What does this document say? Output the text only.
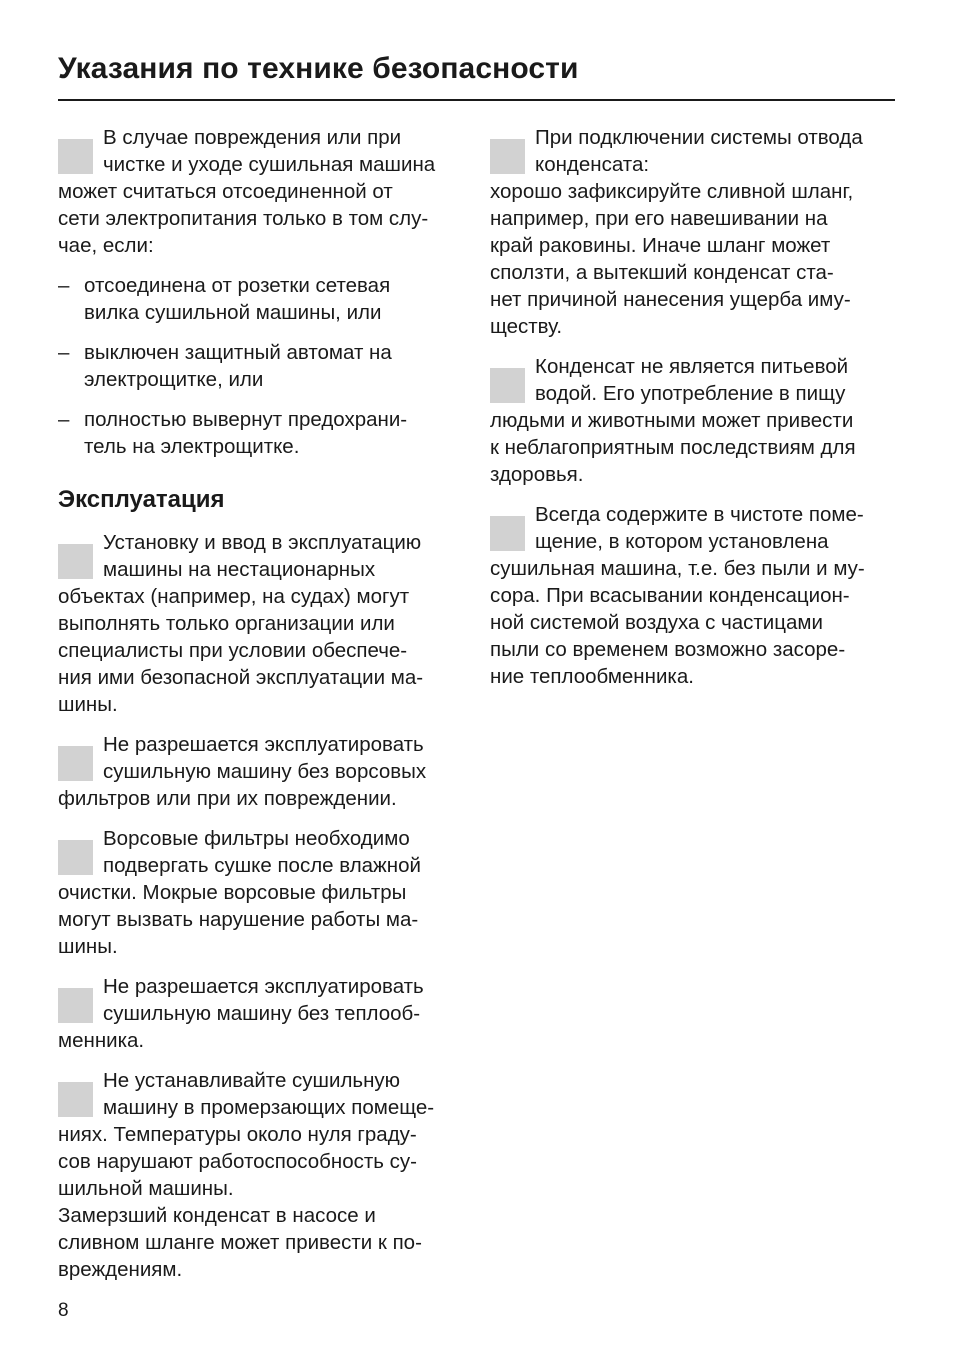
Указания по технике безопасности
В случае повреждения или при
чистке и уходе сушильная машина
может считаться отсоединенной от
сети электропитания только в том слу-
чае, если:
– отсоединена от розетки сетевая
вилка сушильной машины, или
– выключен защитный автомат на
электрощитке, или
– полностью вывернут предохрани-
тель на электрощитке.
Эксплуатация
Установку и ввод в эксплуатацию
машины на нестационарных
объектах (например, на судах) могут
выполнять только организации или
специалисты при условии обеспече-
ния ими безопасной эксплуатации ма-
шины.
Не разрешается эксплуатировать
сушильную машину без ворсовых
фильтров или при их повреждении.
Ворсовые фильтры необходимо
подвергать сушке после влажной
очистки. Мокрые ворсовые фильтры
могут вызвать нарушение работы ма-
шины.
Не разрешается эксплуатировать
сушильную машину без теплооб-
менника.
Не устанавливайте сушильную
машину в промерзающих помеще-
ниях. Температуры около нуля граду-
сов нарушают работоспособность су-
шильной машины.
Замерзший конденсат в насосе и
сливном шланге может привести к по-
вреждениям.
При подключении системы отвода
конденсата:
хорошо зафиксируйте сливной шланг,
например, при его навешивании на
край раковины. Иначе шланг может
сползти, а вытекший конденсат ста-
нет причиной нанесения ущерба иму-
ществу.
Конденсат не является питьевой
водой. Его употребление в пищу
людьми и животными может привести
к неблагоприятным последствиям для
здоровья.
Всегда содержите в чистоте поме-
щение, в котором установлена
сушильная машина, т.е. без пыли и му-
сора. При всасывании конденсацион-
ной системой воздуха с частицами
пыли со временем возможно засоре-
ние теплообменника.
8
